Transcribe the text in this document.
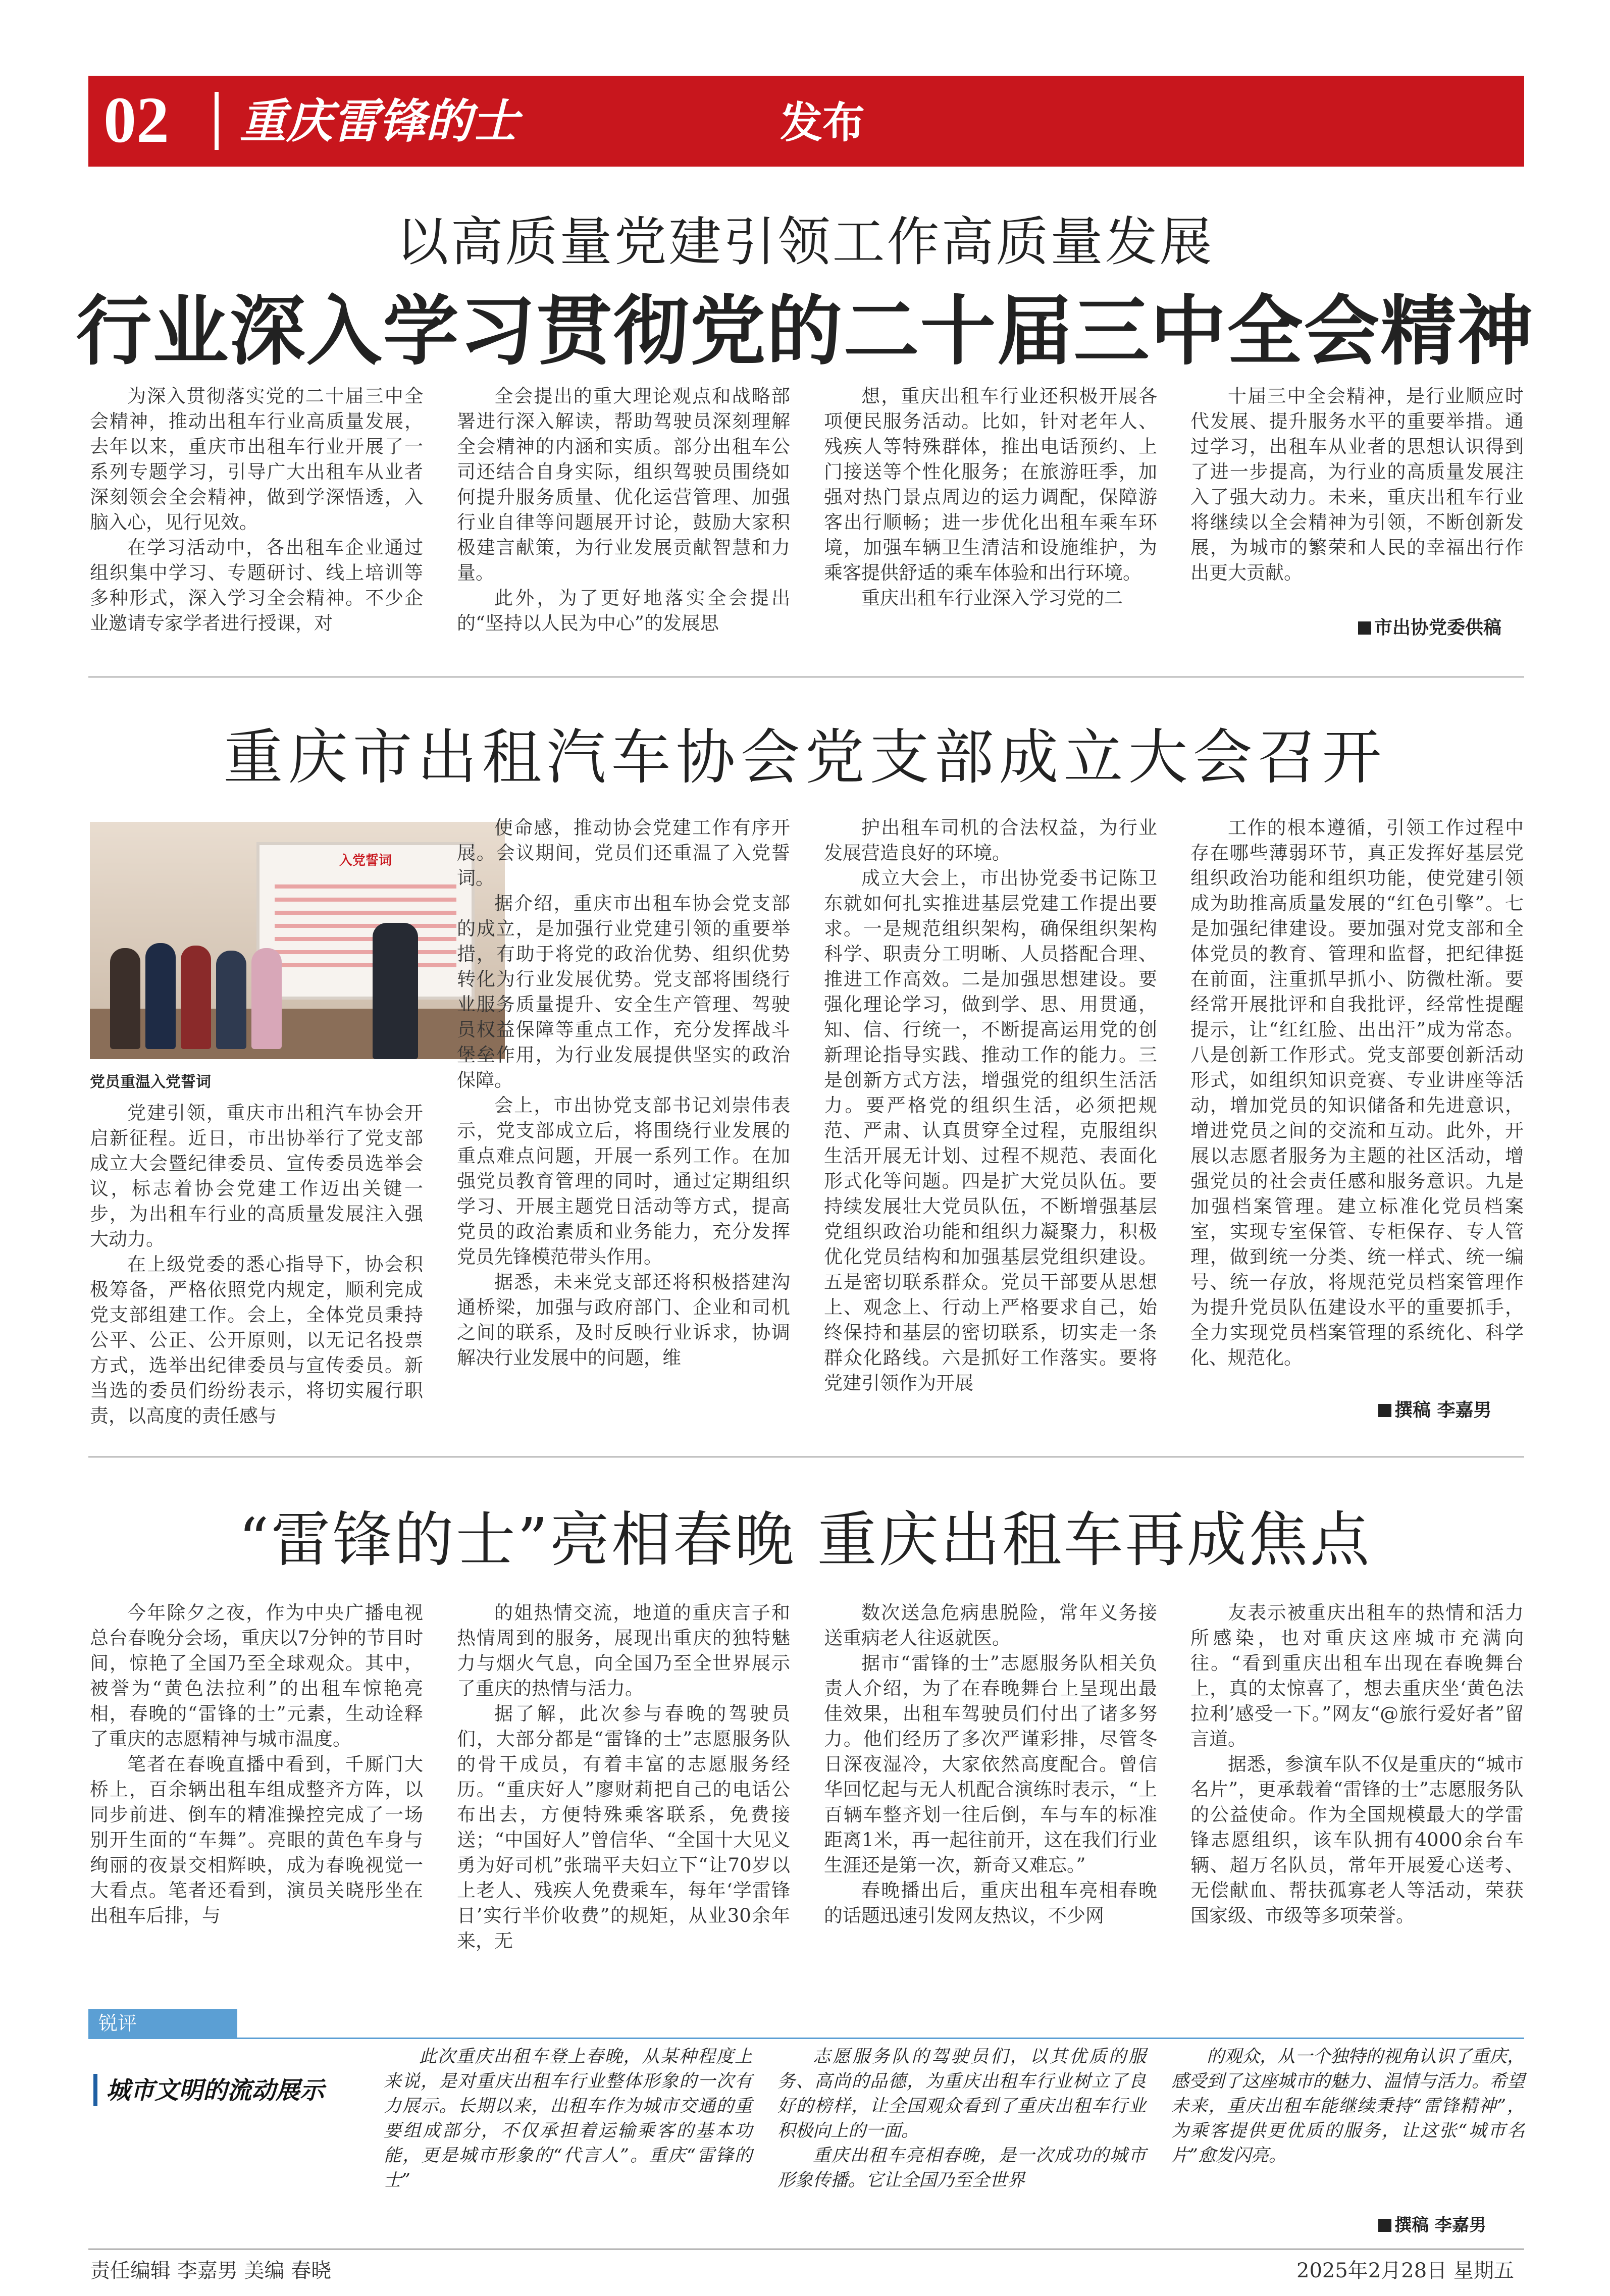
02 重庆雷锋的士	发布
以高质量党建引领工作高质量发展
行业深入学习贯彻党的二十届三中全会精神

为深入贯彻落实党的二十届三中全会精神，推动出租车行业高质量发展，去年以来，重庆市出租车行业开展了一系列专题学习，引导广大出租车从业者深刻领会全会精神，做到学深悟透，入脑入心，见行见效。

在学习活动中，各出租车企业通过组织集中学习、专题研讨、线上培训等多种形式，深入学习全会精神。不少企业邀请专家学者进行授课，对

全会提出的重大理论观点和战略部署进行深入解读，帮助驾驶员深刻理解全会精神的内涵和实质。部分出租车公司还结合自身实际，组织驾驶员围绕如何提升服务质量、优化运营管理、加强行业自律等问题展开讨论，鼓励大家积极建言献策，为行业发展贡献智慧和力量。

此外，为了更好地落实全会提出的“坚持以人民为中心”的发展思

想，重庆出租车行业还积极开展各项便民服务活动。比如，针对老年人、残疾人等特殊群体，推出电话预约、上门接送等个性化服务；在旅游旺季，加强对热门景点周边的运力调配，保障游客出行顺畅；进一步优化出租车乘车环境，加强车辆卫生清洁和设施维护，为乘客提供舒适的乘车体验和出行环境。

重庆出租车行业深入学习党的二

十届三中全会精神，是行业顺应时代发展、提升服务水平的重要举措。通过学习，出租车从业者的思想认识得到了进一步提高，为行业的高质量发展注入了强大动力。未来，重庆出租车行业将继续以全会精神为引领，不断创新发展，为城市的繁荣和人民的幸福出行作出更大贡献。

市出协党委供稿
重庆市出租汽车协会党支部成立大会召开
入党誓词
党员重温入党誓词

党建引领，重庆市出租汽车协会开启新征程。近日，市出协举行了党支部成立大会暨纪律委员、宣传委员选举会议，标志着协会党建工作迈出关键一步，为出租车行业的高质量发展注入强大动力。

在上级党委的悉心指导下，协会积极筹备，严格依照党内规定，顺利完成党支部组建工作。会上，全体党员秉持公平、公正、公开原则，以无记名投票方式，选举出纪律委员与宣传委员。新当选的委员们纷纷表示，将切实履行职责，以高度的责任感与

使命感，推动协会党建工作有序开展。会议期间，党员们还重温了入党誓词。

据介绍，重庆市出租车协会党支部的成立，是加强行业党建引领的重要举措，有助于将党的政治优势、组织优势转化为行业发展优势。党支部将围绕行业服务质量提升、安全生产管理、驾驶员权益保障等重点工作，充分发挥战斗堡垒作用，为行业发展提供坚实的政治保障。

会上，市出协党支部书记刘崇伟表示，党支部成立后，将围绕行业发展的重点难点问题，开展一系列工作。在加强党员教育管理的同时，通过定期组织学习、开展主题党日活动等方式，提高党员的政治素质和业务能力，充分发挥党员先锋模范带头作用。

据悉，未来党支部还将积极搭建沟通桥梁，加强与政府部门、企业和司机之间的联系，及时反映行业诉求，协调解决行业发展中的问题，维

护出租车司机的合法权益，为行业发展营造良好的环境。

成立大会上，市出协党委书记陈卫东就如何扎实推进基层党建工作提出要求。一是规范组织架构，确保组织架构科学、职责分工明晰、人员搭配合理、推进工作高效。二是加强思想建设。要强化理论学习，做到学、思、用贯通，知、信、行统一，不断提高运用党的创新理论指导实践、推动工作的能力。三是创新方式方法，增强党的组织生活活力。要严格党的组织生活，必须把规范、严肃、认真贯穿全过程，克服组织生活开展无计划、过程不规范、表面化形式化等问题。四是扩大党员队伍。要持续发展壮大党员队伍，不断增强基层党组织政治功能和组织力凝聚力，积极优化党员结构和加强基层党组织建设。五是密切联系群众。党员干部要从思想上、观念上、行动上严格要求自己，始终保持和基层的密切联系，切实走一条群众化路线。六是抓好工作落实。要将党建引领作为开展

工作的根本遵循，引领工作过程中存在哪些薄弱环节，真正发挥好基层党组织政治功能和组织功能，使党建引领成为助推高质量发展的“红色引擎”。七是加强纪律建设。要加强对党支部和全体党员的教育、管理和监督，把纪律挺在前面，注重抓早抓小、防微杜渐。要经常开展批评和自我批评，经常性提醒提示，让“红红脸、出出汗”成为常态。八是创新工作形式。党支部要创新活动形式，如组织知识竞赛、专业讲座等活动，增加党员的知识储备和先进意识，增进党员之间的交流和互动。此外，开展以志愿者服务为主题的社区活动，增强党员的社会责任感和服务意识。九是加强档案管理。建立标准化党员档案室，实现专室保管、专柜保存、专人管理，做到统一分类、统一样式、统一编号、统一存放，将规范党员档案管理作为提升党员队伍建设水平的重要抓手，全力实现党员档案管理的系统化、科学化、规范化。

撰稿 李嘉男
“雷锋的士”亮相春晚 重庆出租车再成焦点

今年除夕之夜，作为中央广播电视总台春晚分会场，重庆以7分钟的节目时间，惊艳了全国乃至全球观众。其中，被誉为“黄色法拉利”的出租车惊艳亮相，春晚的“雷锋的士”元素，生动诠释了重庆的志愿精神与城市温度。

笔者在春晚直播中看到，千厮门大桥上，百余辆出租车组成整齐方阵，以同步前进、倒车的精准操控完成了一场别开生面的“车舞”。亮眼的黄色车身与绚丽的夜景交相辉映，成为春晚视觉一大看点。笔者还看到，演员关晓彤坐在出租车后排，与

的姐热情交流，地道的重庆言子和热情周到的服务，展现出重庆的独特魅力与烟火气息，向全国乃至全世界展示了重庆的热情与活力。

据了解，此次参与春晚的驾驶员们，大部分都是“雷锋的士”志愿服务队的骨干成员，有着丰富的志愿服务经历。“重庆好人”廖财莉把自己的电话公布出去，方便特殊乘客联系，免费接送；“中国好人”曾信华、“全国十大见义勇为好司机”张瑞平夫妇立下“让70岁以上老人、残疾人免费乘车，每年‘学雷锋日’实行半价收费”的规矩，从业30余年来，无

数次送急危病患脱险，常年义务接送重病老人往返就医。

据市“雷锋的士”志愿服务队相关负责人介绍，为了在春晚舞台上呈现出最佳效果，出租车驾驶员们付出了诸多努力。他们经历了多次严谨彩排，尽管冬日深夜湿冷，大家依然高度配合。曾信华回忆起与无人机配合演练时表示，“上百辆车整齐划一往后倒，车与车的标准距离1米，再一起往前开，这在我们行业生涯还是第一次，新奇又难忘。”

春晚播出后，重庆出租车亮相春晚的话题迅速引发网友热议，不少网

友表示被重庆出租车的热情和活力所感染，也对重庆这座城市充满向往。“看到重庆出租车出现在春晚舞台上，真的太惊喜了，想去重庆坐‘黄色法拉利’感受一下。”网友“@旅行爱好者”留言道。

据悉，参演车队不仅是重庆的“城市名片”，更承载着“雷锋的士”志愿服务队的公益使命。作为全国规模最大的学雷锋志愿组织，该车队拥有4000余台车辆、超万名队员，常年开展爱心送考、无偿献血、帮扶孤寡老人等活动，荣获国家级、市级等多项荣誉。

锐评
城市文明的流动展示

此次重庆出租车登上春晚，从某种程度上来说，是对重庆出租车行业整体形象的一次有力展示。长期以来，出租车作为城市交通的重要组成部分，不仅承担着运输乘客的基本功能，更是城市形象的“代言人”。重庆“雷锋的士”

志愿服务队的驾驶员们，以其优质的服务、高尚的品德，为重庆出租车行业树立了良好的榜样，让全国观众看到了重庆出租车行业积极向上的一面。

重庆出租车亮相春晚，是一次成功的城市形象传播。它让全国乃至全世界

的观众，从一个独特的视角认识了重庆，感受到了这座城市的魅力、温情与活力。希望未来，重庆出租车能继续秉持“雷锋精神”，为乘客提供更优质的服务，让这张“城市名片”愈发闪亮。

撰稿 李嘉男
责任编辑 李嘉男 美编 春晓	2025年2月28日 星期五
